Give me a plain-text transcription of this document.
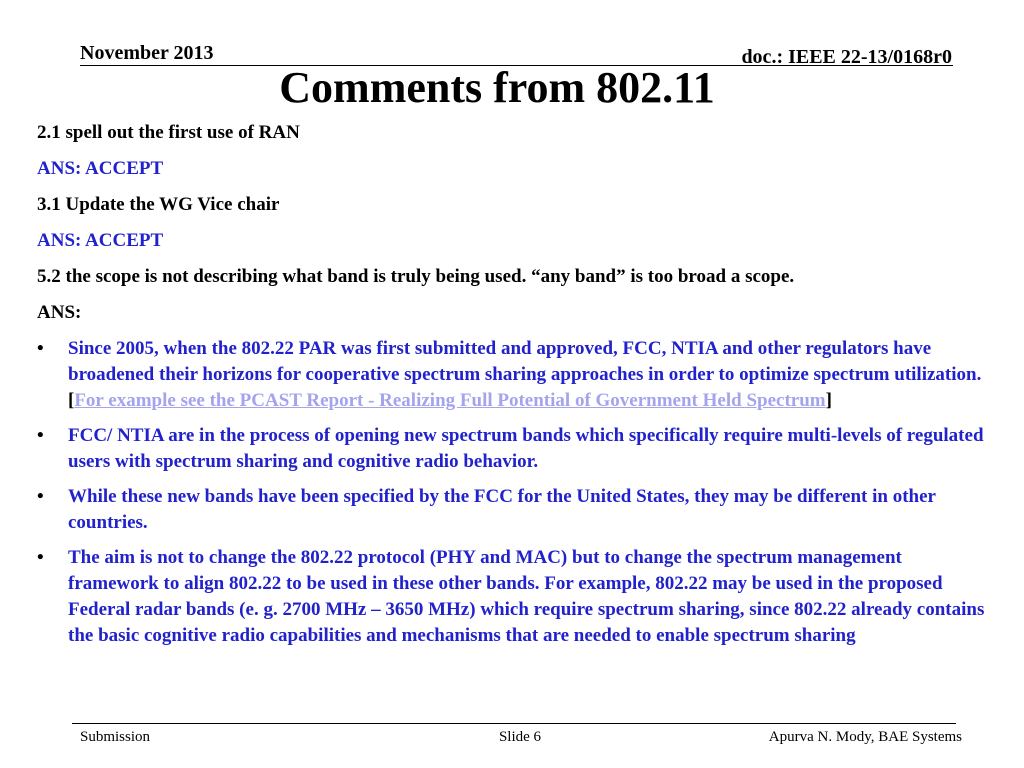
November 2013	doc.: IEEE 22-13/0168r0
Comments from 802.11

2.1 spell out the first use of RAN

ANS: ACCEPT

3.1 Update the WG Vice chair

ANS: ACCEPT

5.2 the scope is not describing what band is truly being used. “any band” is too broad a scope.

ANS:

• Since 2005, when the 802.22 PAR was first submitted and approved, FCC, NTIA and other regulators have broadened their horizons for cooperative spectrum sharing approaches in order to optimize spectrum utilization. [For example see the PCAST Report - Realizing Full Potential of Government Held Spectrum]
• FCC/ NTIA are in the process of opening new spectrum bands which specifically require multi-levels of regulated users with spectrum sharing and cognitive radio behavior.
• While these new bands have been specified by the FCC for the United States, they may be different in other countries.
• The aim is not to change the 802.22 protocol (PHY and MAC) but to change the spectrum management framework to align 802.22 to be used in these other bands. For example, 802.22 may be used in the proposed Federal radar bands (e. g. 2700 MHz – 3650 MHz) which require spectrum sharing, since 802.22 already contains the basic cognitive radio capabilities and mechanisms that are needed to enable spectrum sharing
Submission	Slide 6	Apurva N. Mody, BAE Systems
